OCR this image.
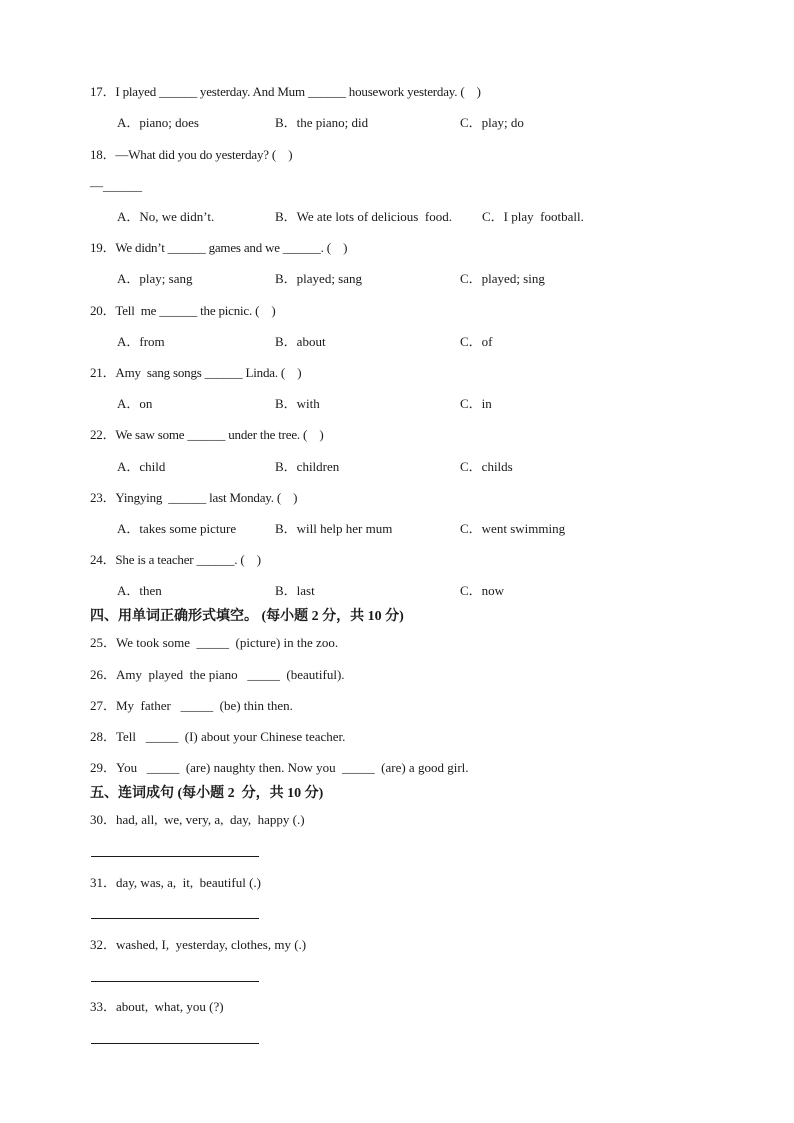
17．I played ______ yesterday. And Mum ______ housework yesterday. (    )
A．piano; does	B．the piano; did	C．play; do
18．—What did you do yesterday? (    )
—______
A．No, we didn’t.	B．We ate lots of delicious  food. C．I play  football.
19．We didn’t ______ games and we ______. (    )
A．play; sang	B．played; sang	C．played; sing
20．Tell  me ______ the picnic. (    )
A．from	B．about	C．of
21．Amy  sang songs ______ Linda. (    )
A．on	B．with	C．in
22．We saw some ______ under the tree. (    )
A．child	B．children	C．childs
23．Yingying  ______ last Monday. (    )
A．takes some picture	B．will help her mum	C．went swimming
24．She is a teacher ______. (    )
A．then	B．last	C．now
四、用单词正确形式填空。 (每小题 2 分，共 10 分)
25．We took some  _____  (picture) in the zoo.
26．Amy  played  the piano   _____  (beautiful).
27．My  father   _____  (be) thin then.
28．Tell   _____  (I) about your Chinese teacher.
29．You   _____  (are) naughty then. Now you  _____  (are) a good girl.
五、连词成句 (每小题 2  分，共 10 分)
30．had, all,  we, very, a,  day,  happy (.)
31．day, was, a,  it,  beautiful (.)
32．washed, I,  yesterday, clothes, my (.)
33．about,  what, you (?)
